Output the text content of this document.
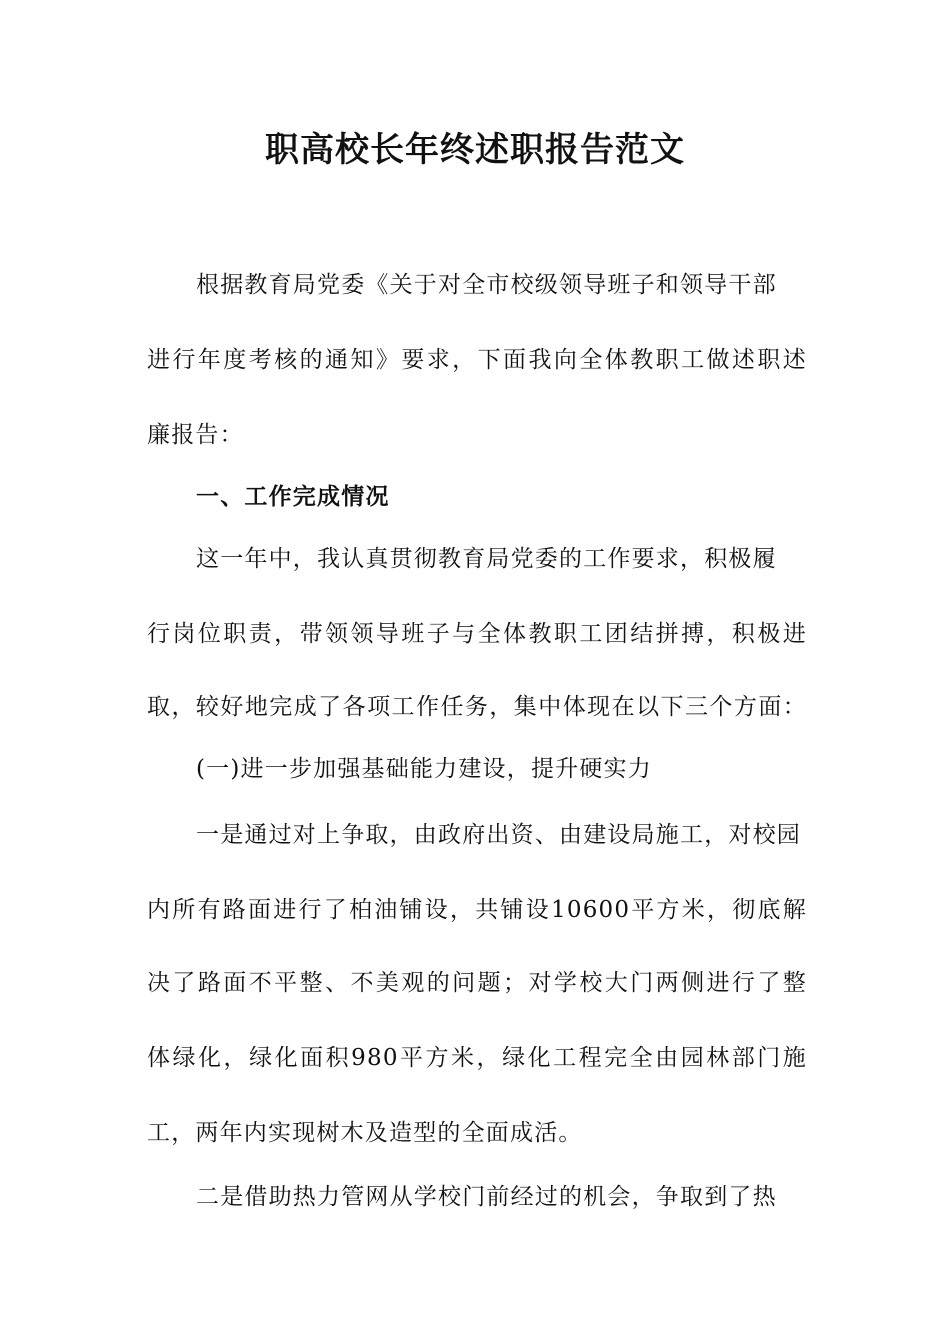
职高校长年终述职报告范文
根据教育局党委《关于对全市校级领导班子和领导干部
进行年度考核的通知》要求，下面我向全体教职工做述职述
廉报告：
一、工作完成情况
这一年中，我认真贯彻教育局党委的工作要求，积极履
行岗位职责，带领领导班子与全体教职工团结拼搏，积极进
取，较好地完成了各项工作任务，集中体现在以下三个方面：
(一)进一步加强基础能力建设，提升硬实力
一是通过对上争取，由政府出资、由建设局施工，对校园
内所有路面进行了柏油铺设，共铺设10600平方米，彻底解
决了路面不平整、不美观的问题；对学校大门两侧进行了整
体绿化，绿化面积980平方米，绿化工程完全由园林部门施
工，两年内实现树木及造型的全面成活。
二是借助热力管网从学校门前经过的机会，争取到了热
